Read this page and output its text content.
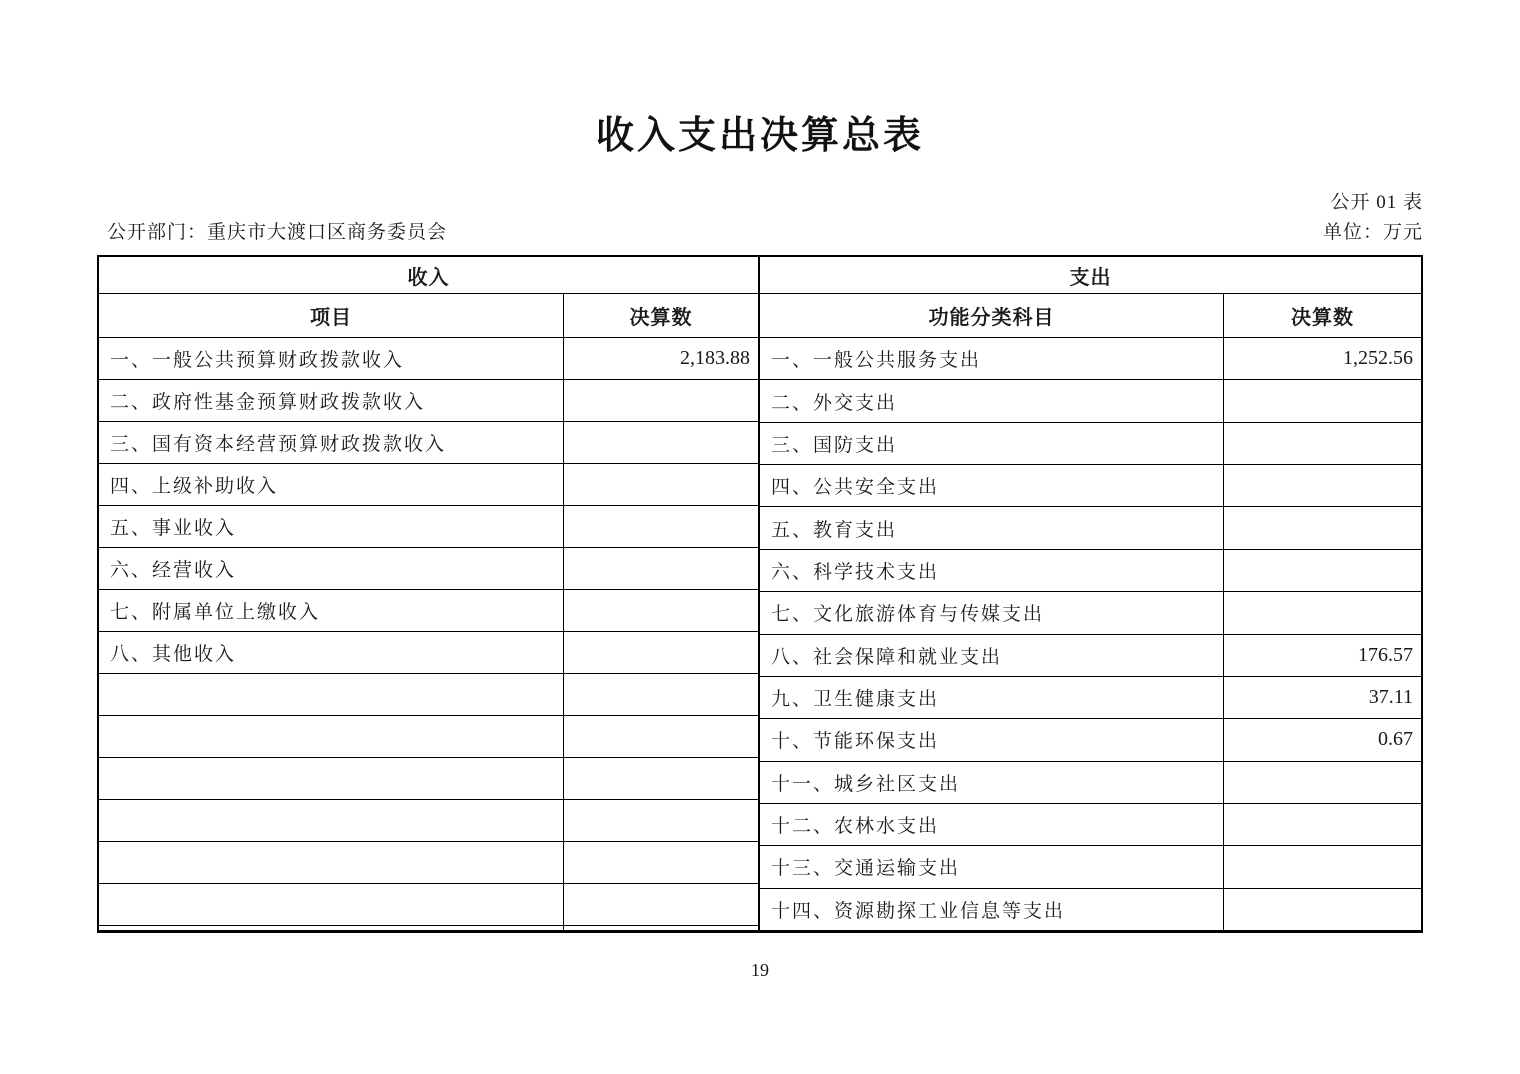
收入支出决算总表
公开 01 表
公开部门：重庆市大渡口区商务委员会	单位：万元
收入
项目	决算数
一、一般公共预算财政拨款收入	2,183.88
二、政府性基金预算财政拨款收入
三、国有资本经营预算财政拨款收入
四、上级补助收入
五、事业收入
六、经营收入
七、附属单位上缴收入
八、其他收入
支出
功能分类科目	决算数
一、一般公共服务支出	1,252.56
二、外交支出
三、国防支出
四、公共安全支出
五、教育支出
六、科学技术支出
七、文化旅游体育与传媒支出
八、社会保障和就业支出	176.57
九、卫生健康支出	37.11
十、节能环保支出	0.67
十一、城乡社区支出
十二、农林水支出
十三、交通运输支出
十四、资源勘探工业信息等支出
19
